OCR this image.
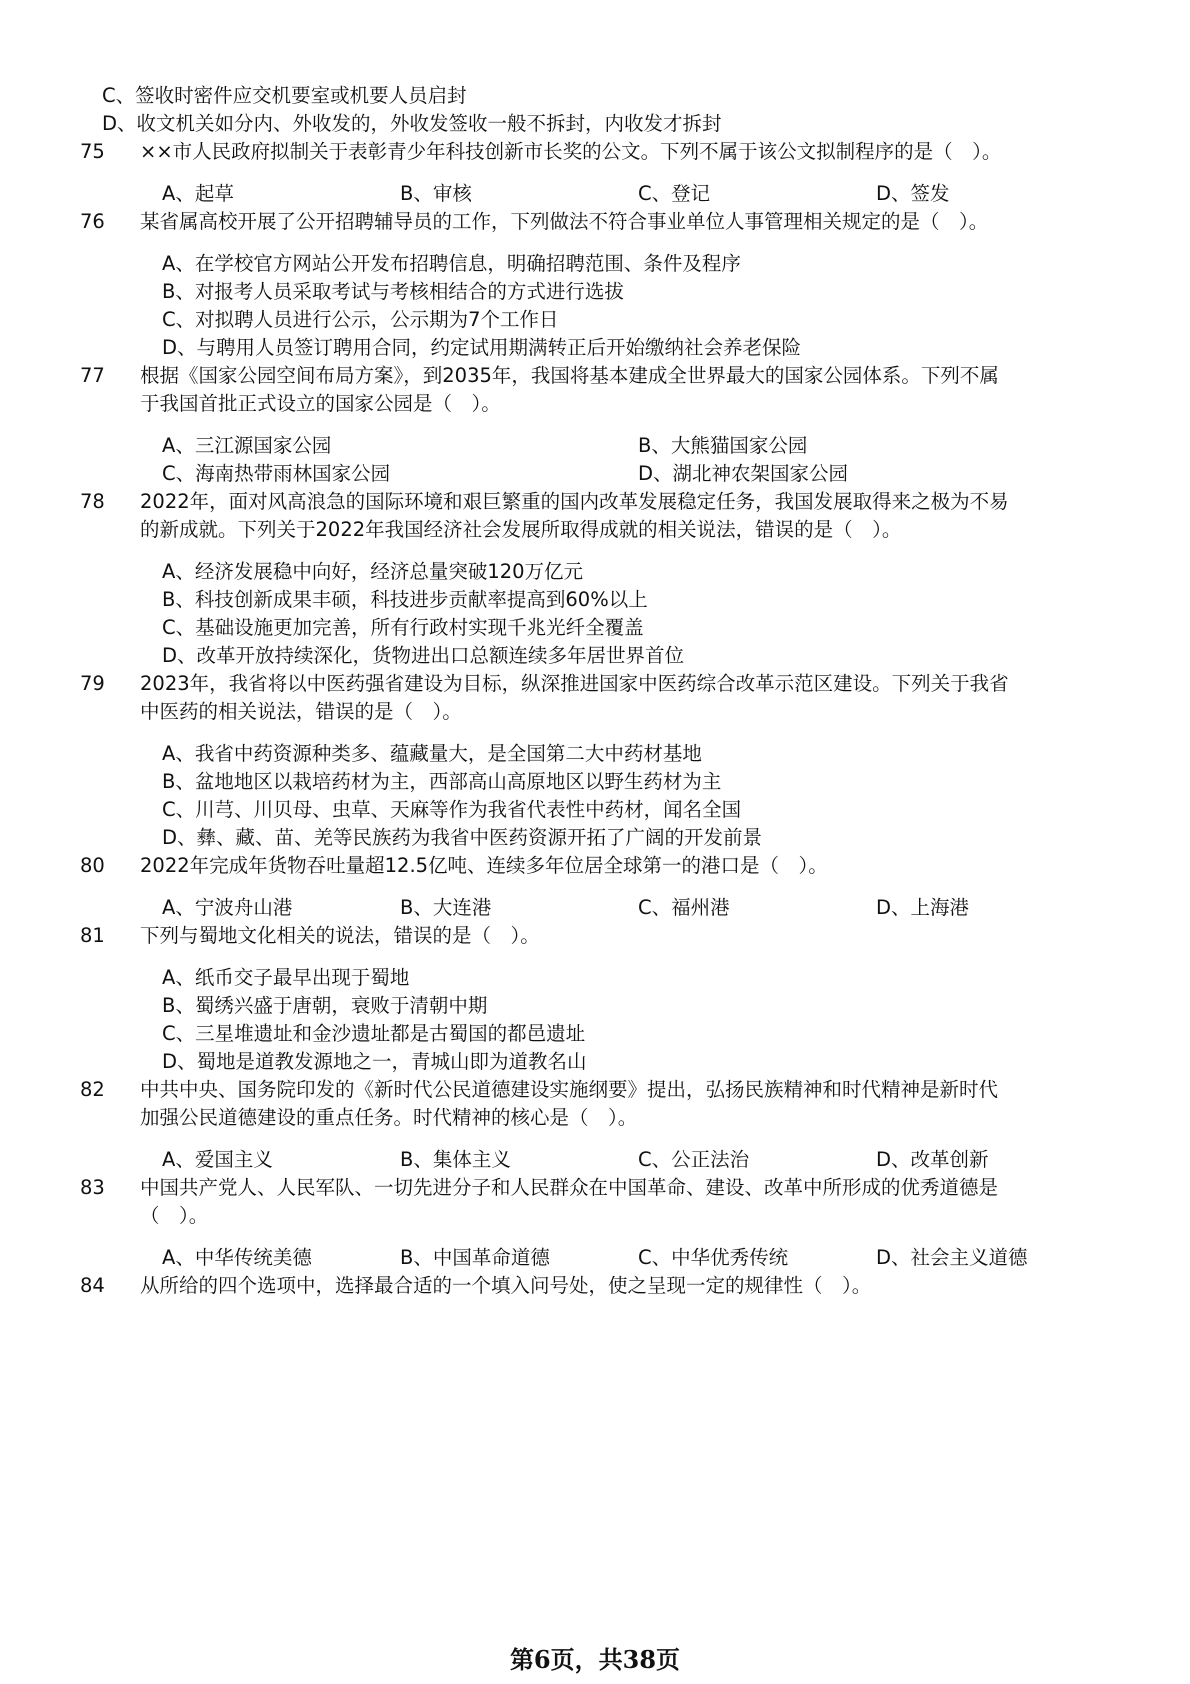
C、签收时密件应交机要室或机要人员启封
D、收文机关如分内、外收发的，外收发签收一般不拆封，内收发才拆封
75	××市人民政府拟制关于表彰青少年科技创新市长奖的公文。下列不属于该公文拟制程序的是（　）。
A、起草	B、审核	C、登记	D、签发
76	某省属高校开展了公开招聘辅导员的工作，下列做法不符合事业单位人事管理相关规定的是（　）。
A、在学校官方网站公开发布招聘信息，明确招聘范围、条件及程序
B、对报考人员采取考试与考核相结合的方式进行选拔
C、对拟聘人员进行公示，公示期为7个工作日
D、与聘用人员签订聘用合同，约定试用期满转正后开始缴纳社会养老保险
77	根据《国家公园空间布局方案》，到2035年，我国将基本建成全世界最大的国家公园体系。下列不属
于我国首批正式设立的国家公园是（　）。
A、三江源国家公园	B、大熊猫国家公园
C、海南热带雨林国家公园	D、湖北神农架国家公园
78	2022年，面对风高浪急的国际环境和艰巨繁重的国内改革发展稳定任务，我国发展取得来之极为不易
的新成就。下列关于2022年我国经济社会发展所取得成就的相关说法，错误的是（　）。
A、经济发展稳中向好，经济总量突破120万亿元
B、科技创新成果丰硕，科技进步贡献率提高到60%以上
C、基础设施更加完善，所有行政村实现千兆光纤全覆盖
D、改革开放持续深化，货物进出口总额连续多年居世界首位
79	2023年，我省将以中医药强省建设为目标，纵深推进国家中医药综合改革示范区建设。下列关于我省
中医药的相关说法，错误的是（　）。
A、我省中药资源种类多、蕴藏量大，是全国第二大中药材基地
B、盆地地区以栽培药材为主，西部高山高原地区以野生药材为主
C、川芎、川贝母、虫草、天麻等作为我省代表性中药材，闻名全国
D、彝、藏、苗、羌等民族药为我省中医药资源开拓了广阔的开发前景
80	2022年完成年货物吞吐量超12.5亿吨、连续多年位居全球第一的港口是（　）。
A、宁波舟山港	B、大连港	C、福州港	D、上海港
81	下列与蜀地文化相关的说法，错误的是（　）。
A、纸币交子最早出现于蜀地
B、蜀绣兴盛于唐朝，衰败于清朝中期
C、三星堆遗址和金沙遗址都是古蜀国的都邑遗址
D、蜀地是道教发源地之一，青城山即为道教名山
82	中共中央、国务院印发的《新时代公民道德建设实施纲要》提出，弘扬民族精神和时代精神是新时代
加强公民道德建设的重点任务。时代精神的核心是（　）。
A、爱国主义	B、集体主义	C、公正法治	D、改革创新
83	中国共产党人、人民军队、一切先进分子和人民群众在中国革命、建设、改革中所形成的优秀道德是
（　）。
A、中华传统美德	B、中国革命道德	C、中华优秀传统	D、社会主义道德
84	从所给的四个选项中，选择最合适的一个填入问号处，使之呈现一定的规律性（　）。
第6页，共38页
